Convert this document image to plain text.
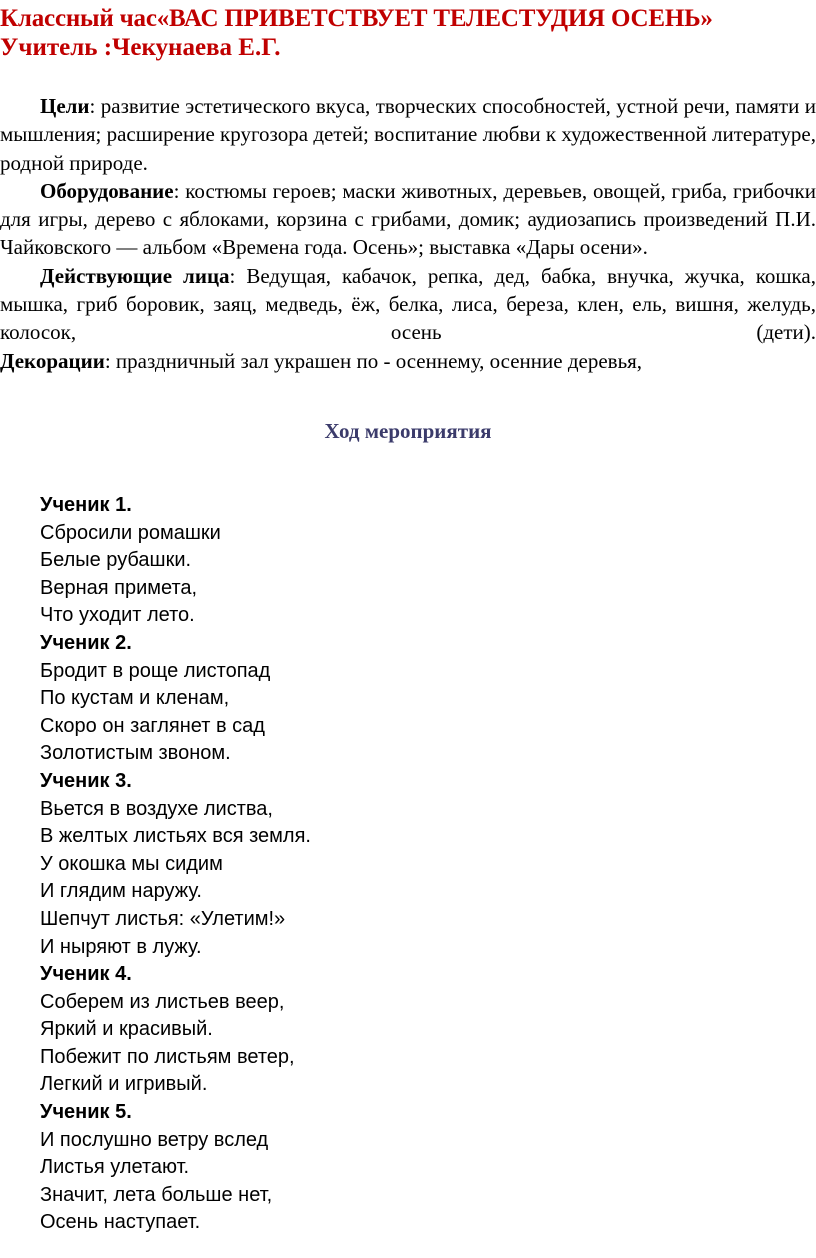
Классный час«ВАС ПРИВЕТСТВУЕТ ТЕЛЕСТУДИЯ ОСЕНЬ»
Учитель :Чекунаева Е.Г.

Цели: развитие эстетического вкуса, творческих способностей, устной речи, памяти и мышления; расширение кругозора детей; воспитание любви к художественной литературе, родной природе.

Оборудование: костюмы героев; маски животных, деревьев, овощей, гриба, грибочки для игры, дерево с яблоками, корзина с грибами, домик; аудиозапись произведений П.И. Чайковского — альбом «Времена года. Осень»; выставка «Дары осени».

Действующие лица: Ведущая, кабачок, репка, дед, бабка, внучка, жучка, кошка, мышка, гриб боровик, заяц, медведь, ёж, белка, лиса, береза, клен, ель, вишня, желудь, колосок, осень (дети).

Декорации: праздничный зал украшен по - осеннему, осенние деревья,

Ход мероприятия
Ученик 1.
Сбросили ромашки
Белые рубашки.
Верная примета,
Что уходит лето.
Ученик 2.
Бродит в роще листопад
По кустам и кленам,
Скоро он заглянет в сад
Золотистым звоном.
Ученик 3.
Вьется в воздухе листва,
В желтых листьях вся земля.
У окошка мы сидим
И глядим наружу.
Шепчут листья: «Улетим!»
И ныряют в лужу.
Ученик 4.
Соберем из листьев веер,
Яркий и красивый.
Побежит по листьям ветер,
Легкий и игривый.
Ученик 5.
И послушно ветру вслед
Листья улетают.
Значит, лета больше нет,
Осень наступает.
